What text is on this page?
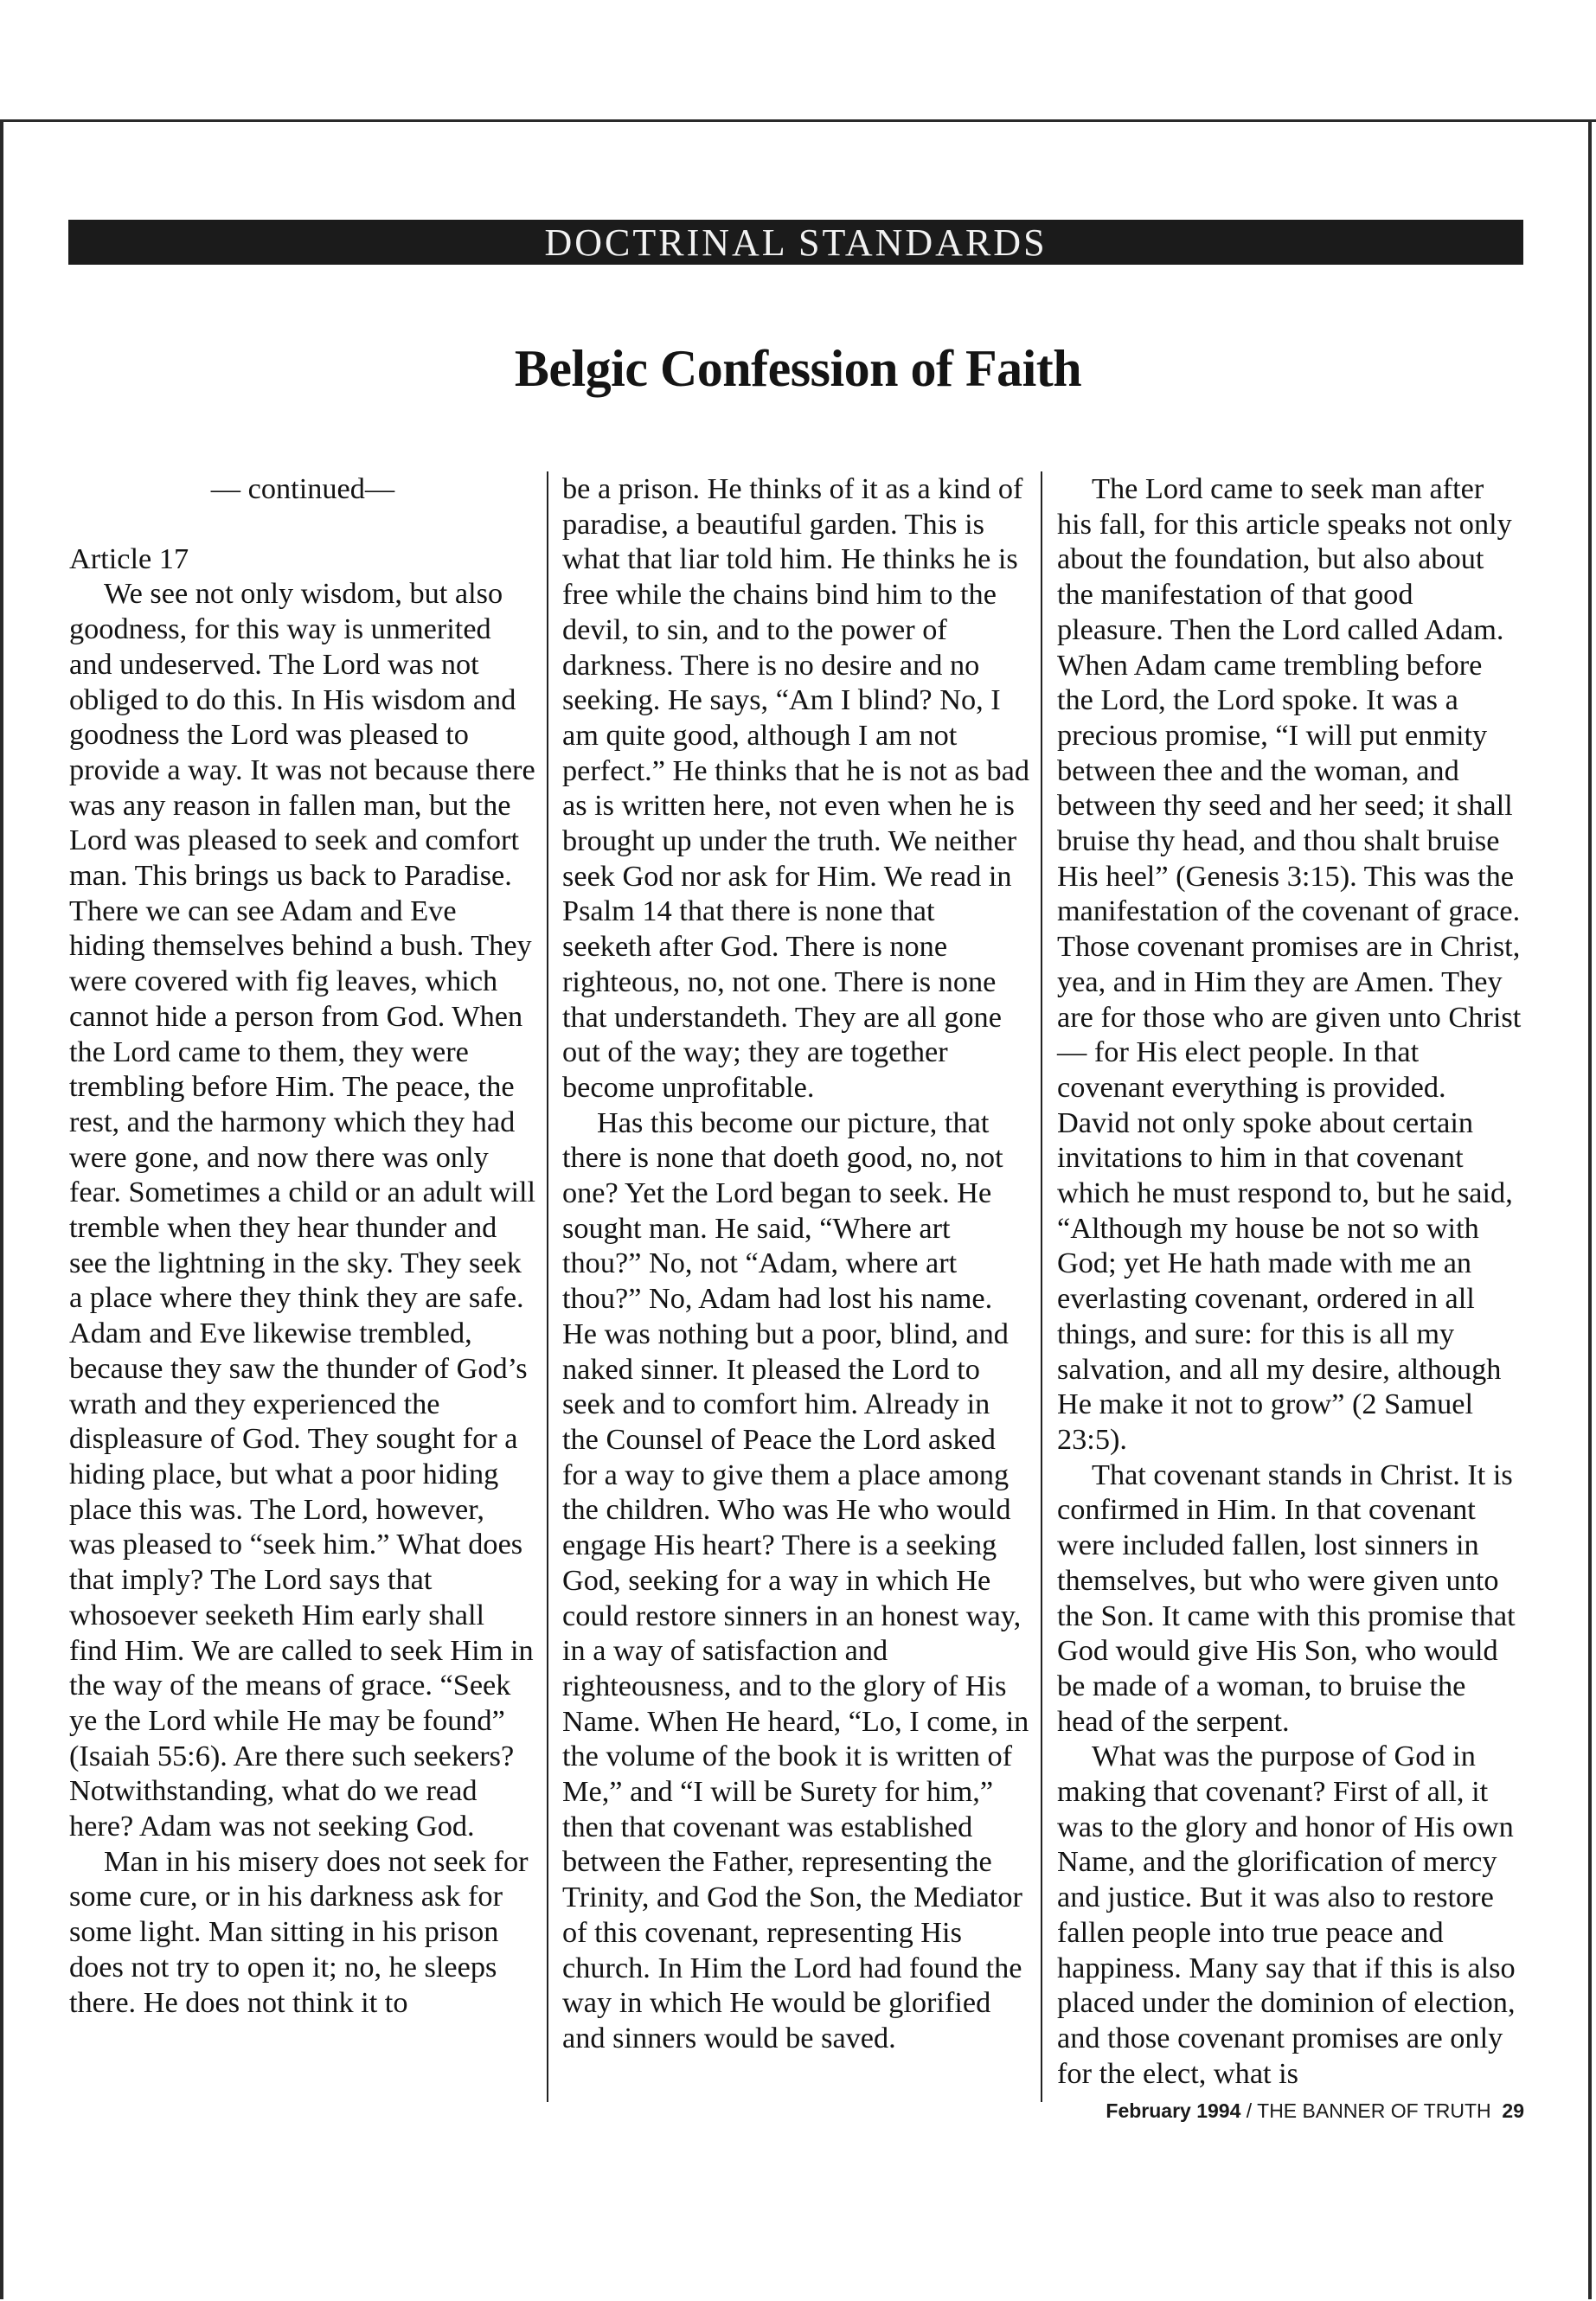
DOCTRINAL STANDARDS
Belgic Confession of Faith

— continued—

Article 17

We see not only wisdom, but also goodness, for this way is unmerited and undeserved. The Lord was not obliged to do this. In His wisdom and goodness the Lord was pleased to provide a way. It was not because there was any reason in fallen man, but the Lord was pleased to seek and comfort man. This brings us back to Paradise. There we can see Adam and Eve hiding themselves behind a bush. They were covered with fig leaves, which cannot hide a person from God. When the Lord came to them, they were trembling before Him. The peace, the rest, and the harmony which they had were gone, and now there was only fear. Sometimes a child or an adult will tremble when they hear thunder and see the lightning in the sky. They seek a place where they think they are safe. Adam and Eve likewise trembled, because they saw the thunder of God’s wrath and they experienced the displeasure of God. They sought for a hiding place, but what a poor hiding place this was. The Lord, however, was pleased to “seek him.” What does that imply? The Lord says that whosoever seeketh Him early shall find Him. We are called to seek Him in the way of the means of grace. “Seek ye the Lord while He may be found” (Isaiah 55:6). Are there such seekers? Notwithstanding, what do we read here? Adam was not seeking God.

Man in his misery does not seek for some cure, or in his darkness ask for some light. Man sitting in his prison does not try to open it; no, he sleeps there. He does not think it to

be a prison. He thinks of it as a kind of paradise, a beautiful garden. This is what that liar told him. He thinks he is free while the chains bind him to the devil, to sin, and to the power of darkness. There is no desire and no seeking. He says, “Am I blind? No, I am quite good, although I am not perfect.” He thinks that he is not as bad as is written here, not even when he is brought up under the truth. We neither seek God nor ask for Him. We read in Psalm 14 that there is none that seeketh after God. There is none righteous, no, not one. There is none that understandeth. They are all gone out of the way; they are together become unprofitable.

Has this become our picture, that there is none that doeth good, no, not one? Yet the Lord began to seek. He sought man. He said, “Where art thou?” No, not “Adam, where art thou?” No, Adam had lost his name. He was nothing but a poor, blind, and naked sinner. It pleased the Lord to seek and to comfort him. Already in the Counsel of Peace the Lord asked for a way to give them a place among the children. Who was He who would engage His heart? There is a seeking God, seeking for a way in which He could restore sinners in an honest way, in a way of satisfaction and righteousness, and to the glory of His Name. When He heard, “Lo, I come, in the volume of the book it is written of Me,” and “I will be Surety for him,” then that covenant was established between the Father, representing the Trinity, and God the Son, the Mediator of this covenant, representing His church. In Him the Lord had found the way in which He would be glorified and sinners would be saved.

The Lord came to seek man after his fall, for this article speaks not only about the foundation, but also about the manifestation of that good pleasure. Then the Lord called Adam. When Adam came trembling before the Lord, the Lord spoke. It was a precious promise, “I will put enmity between thee and the woman, and between thy seed and her seed; it shall bruise thy head, and thou shalt bruise His heel” (Genesis 3:15). This was the manifestation of the covenant of grace. Those covenant promises are in Christ, yea, and in Him they are Amen. They are for those who are given unto Christ — for His elect people. In that covenant everything is provided. David not only spoke about certain invitations to him in that covenant which he must respond to, but he said, “Although my house be not so with God; yet He hath made with me an everlasting covenant, ordered in all things, and sure: for this is all my salvation, and all my desire, although He make it not to grow” (2 Samuel 23:5).

That covenant stands in Christ. It is confirmed in Him. In that covenant were included fallen, lost sinners in themselves, but who were given unto the Son. It came with this promise that God would give His Son, who would be made of a woman, to bruise the head of the serpent.

What was the purpose of God in making that covenant? First of all, it was to the glory and honor of His own Name, and the glorification of mercy and justice. But it was also to restore fallen people into true peace and happiness. Many say that if this is also placed under the dominion of election, and those covenant promises are only for the elect, what is

February 1994 / THE BANNER OF TRUTH 29
